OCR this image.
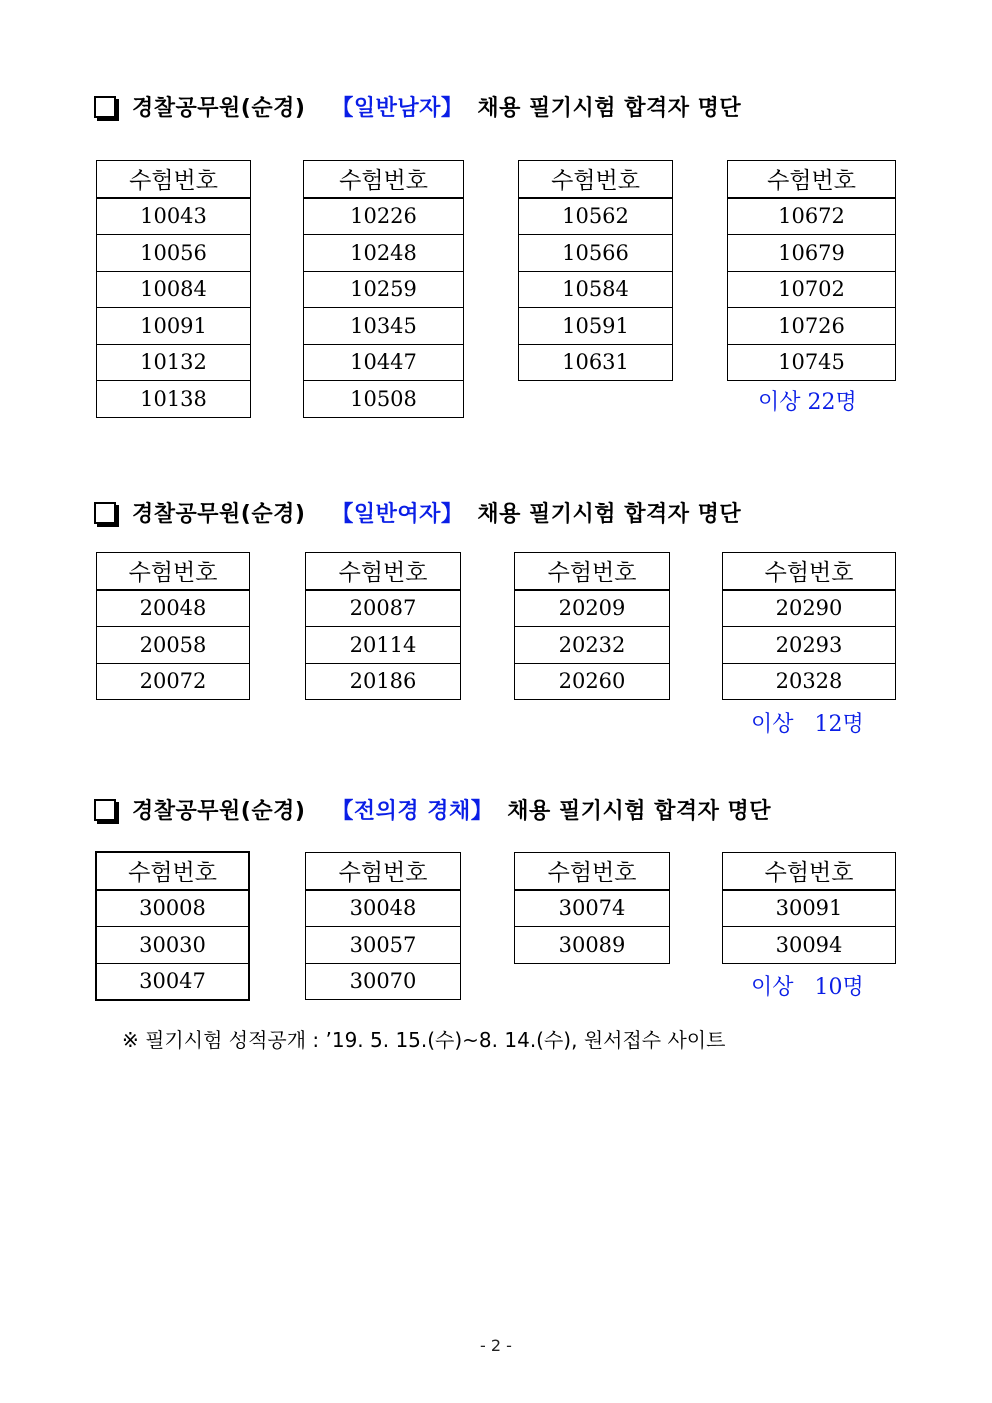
경찰공무원(순경) 【일반남자】 채용 필기시험 합격자 명단
수험번호
10043
10056
10084
10091
10132
10138
수험번호
10226
10248
10259
10345
10447
10508
수험번호
10562
10566
10584
10591
10631
수험번호
10672
10679
10702
10726
10745
이상 22명
경찰공무원(순경) 【일반여자】 채용 필기시험 합격자 명단
수험번호
20048
20058
20072
수험번호
20087
20114
20186
수험번호
20209
20232
20260
수험번호
20290
20293
20328
이상   12명
경찰공무원(순경) 【전의경 경채】 채용 필기시험 합격자 명단
수험번호
30008
30030
30047
수험번호
30048
30057
30070
수험번호
30074
30089
수험번호
30091
30094
이상   10명
※ 필기시험 성적공개 : ’19. 5. 15.(수)~8. 14.(수), 원서접수 사이트
- 2 -
